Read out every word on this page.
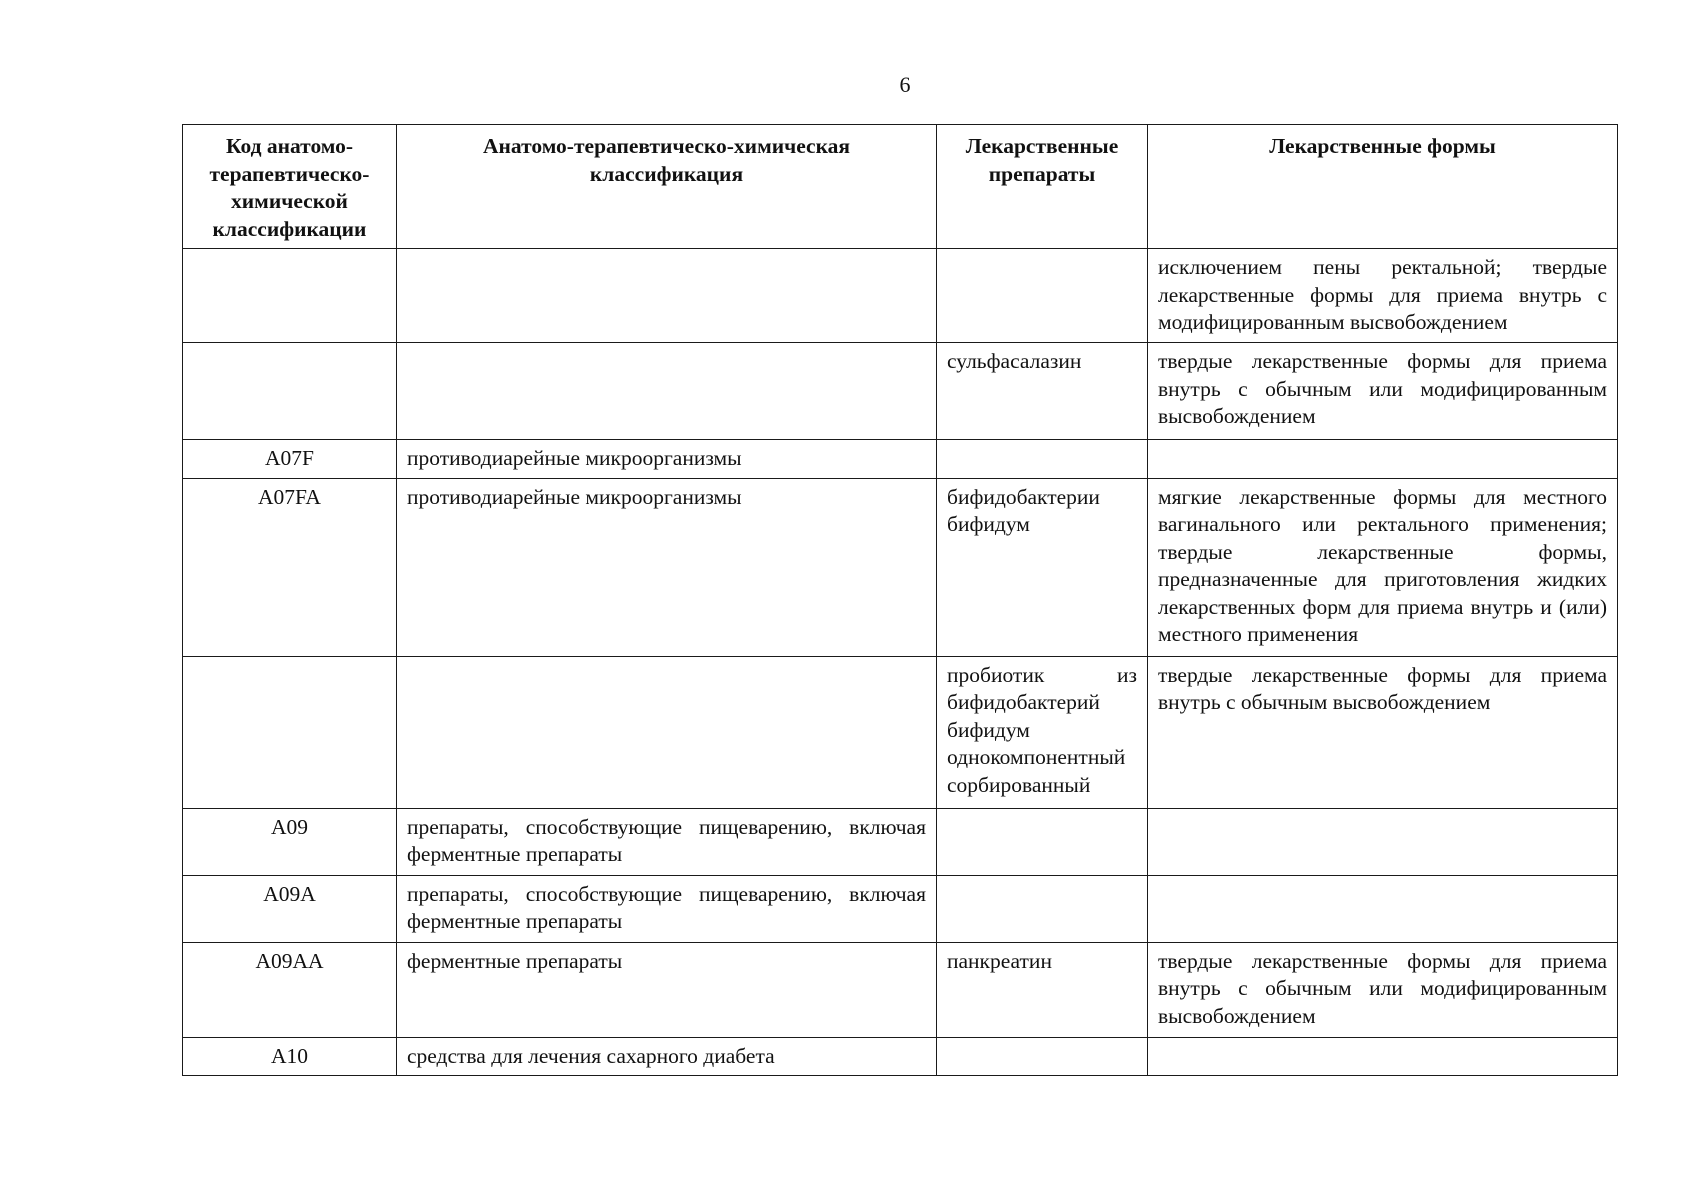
6
Код анатомо-терапевтическо-химической классификации	Анатомо-терапевтическо-химическая классификация	Лекарственные препараты	Лекарственные формы
			исключением пены ректальной; твердые лекарственные формы для приема внутрь с модифицированным высвобождением
		сульфасалазин	твердые лекарственные формы для приема внутрь с обычным или модифицированным высвобождением
A07F	противодиарейные микроорганизмы		
A07FA	противодиарейные микроорганизмы	бифидобактерии бифидум	мягкие лекарственные формы для местного вагинального или ректального применения; твердые лекарственные формы, предназначенные для приготовления жидких лекарственных форм для приема внутрь и (или) местного применения
		пробиотик из бифидобактерий бифидум однокомпонентный сорбированный	твердые лекарственные формы для приема внутрь с обычным высвобождением
A09	препараты, способствующие пищеварению, включая ферментные препараты		
A09A	препараты, способствующие пищеварению, включая ферментные препараты		
A09AA	ферментные препараты	панкреатин	твердые лекарственные формы для приема внутрь с обычным или модифицированным высвобождением
A10	средства для лечения сахарного диабета		
